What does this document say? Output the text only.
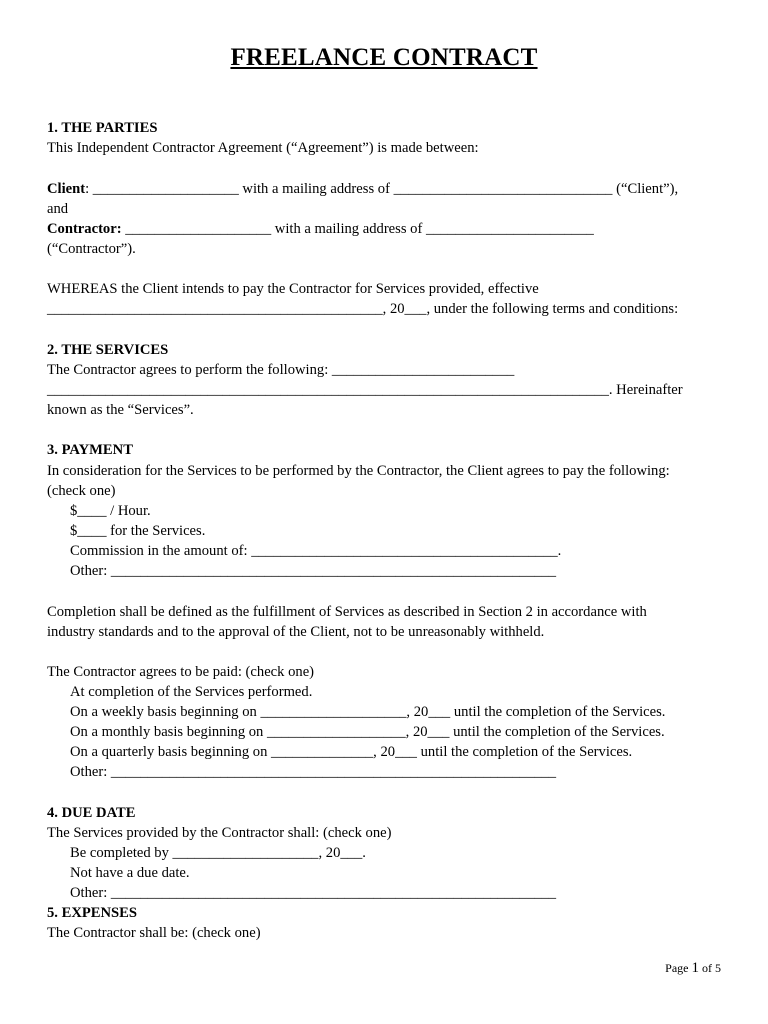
FREELANCE CONTRACT
1. THE PARTIES
This Independent Contractor Agreement (“Agreement”) is made between:
Client: ____________________ with a mailing address of ______________________________ (“Client”),
and
Contractor: ____________________ with a mailing address of _______________________
(“Contractor”).
WHEREAS the Client intends to pay the Contractor for Services provided, effective
______________________________________________, 20___, under the following terms and conditions:
2. THE SERVICES
The Contractor agrees to perform the following: _________________________
_____________________________________________________________________________. Hereinafter
known as the “Services”.
3. PAYMENT
In consideration for the Services to be performed by the Contractor, the Client agrees to pay the following:
(check one)
$____ / Hour.
$____ for the Services.
Commission in the amount of: __________________________________________.
Other: _____________________________________________________________
Completion shall be defined as the fulfillment of Services as described in Section 2 in accordance with
industry standards and to the approval of the Client, not to be unreasonably withheld.
The Contractor agrees to be paid: (check one)
At completion of the Services performed.
On a weekly basis beginning on ____________________, 20___ until the completion of the Services.
On a monthly basis beginning on ___________________, 20___ until the completion of the Services.
On a quarterly basis beginning on ______________, 20___ until the completion of the Services.
Other: _____________________________________________________________
4. DUE DATE
The Services provided by the Contractor shall: (check one)
Be completed by ____________________, 20___.
Not have a due date.
Other: _____________________________________________________________
5. EXPENSES
The Contractor shall be: (check one)
Page 1 of 5
